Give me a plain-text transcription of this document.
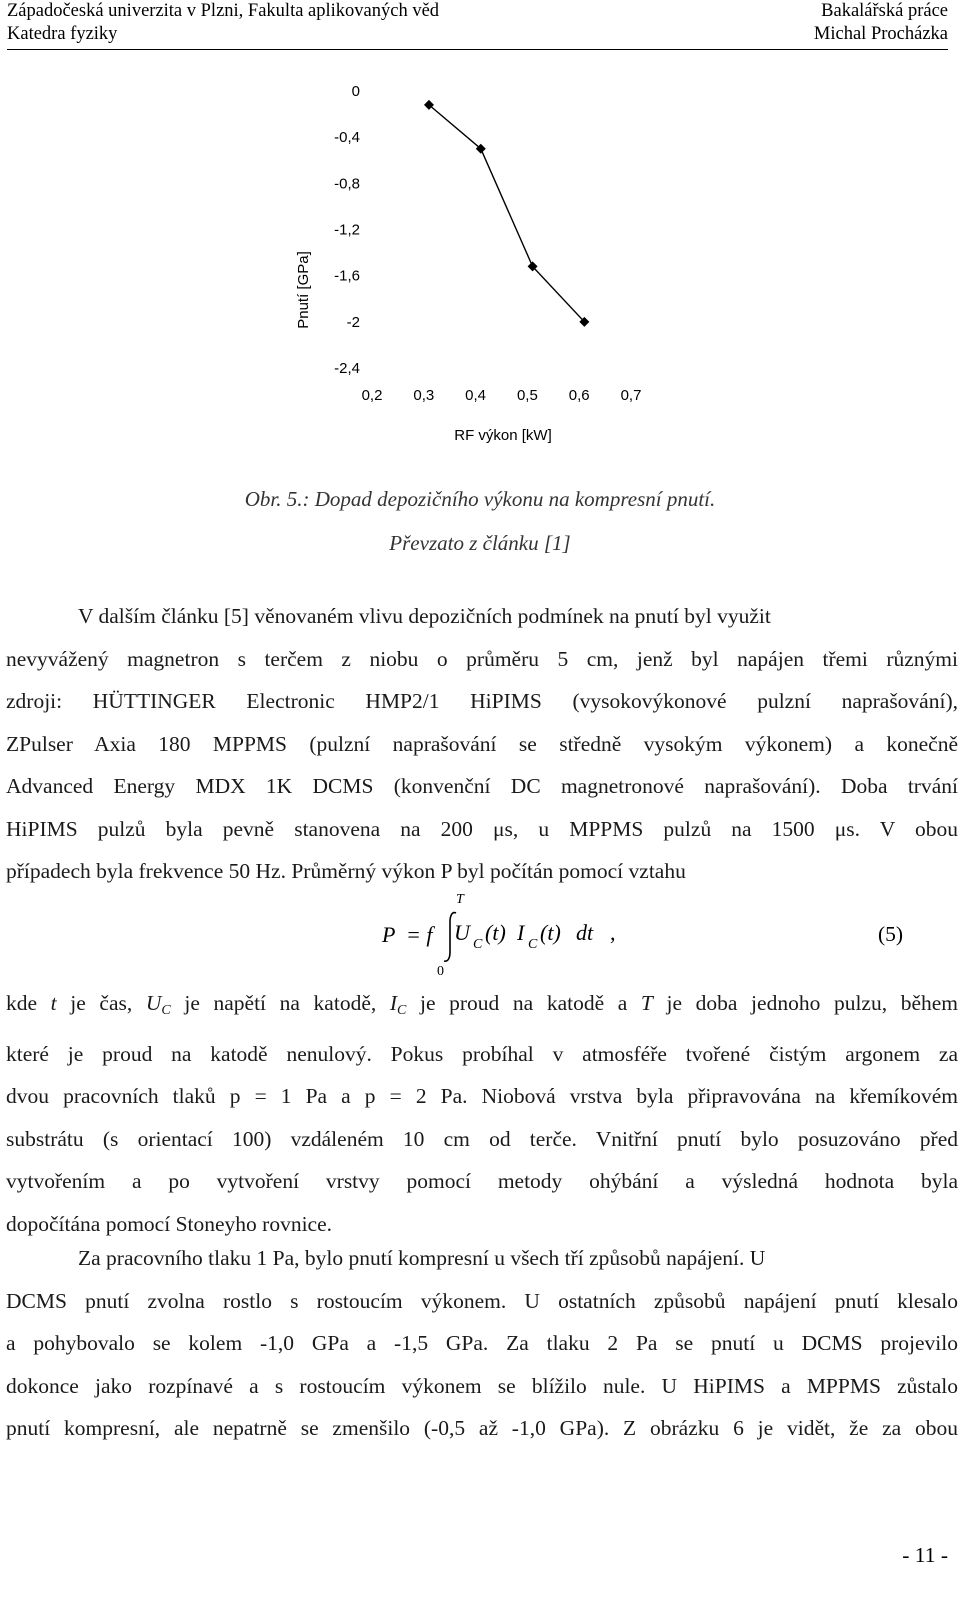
Západočeská univerzita v Plzni, Fakulta aplikovaných věd
Katedra fyziky
Bakalářská práce
Michal Procházka
0
-0,4
-0,8
-1,2
-1,6
-2
-2,4
0,2 0,3 0,4 0,5 0,6 0,7
Pnutí [GPa]
RF výkon [kW]
Obr. 5.: Dopad depozičního výkonu na kompresní pnutí.
Převzato z článku [1]
V dalším článku [5] věnovaném vlivu depozičních podmínek na pnutí byl využit
nevyvážený magnetron s terčem z niobu o průměru 5 cm, jenž byl napájen třemi různými
zdroji: HÜTTINGER Electronic HMP2/1 HiPIMS (vysokovýkonové pulzní naprašování),
ZPulser Axia 180 MPPMS (pulzní naprašování se středně vysokým výkonem) a konečně
Advanced Energy MDX 1K DCMS (konvenční DC magnetronové naprašování). Doba trvání
HiPIMS pulzů byla pevně stanovena na 200 μs, u MPPMS pulzů na 1500 μs. V obou
případech byla frekvence 50 Hz. Průměrný výkon P byl počítán pomocí vztahu
P = f
T
0
U C (t) I C (t) dt ,	(5)
kde t je čas, $U_C$ je napětí na katodě, $I_C$ je proud na katodě a T je doba jednoho pulzu, během
které je proud na katodě nenulový. Pokus probíhal v atmosféře tvořené čistým argonem za
dvou pracovních tlaků p = 1 Pa a p = 2 Pa. Niobová vrstva byla připravována na křemíkovém
substrátu (s orientací 100) vzdáleném 10 cm od terče. Vnitřní pnutí bylo posuzováno před
vytvořením a po vytvoření vrstvy pomocí metody ohýbání a výsledná hodnota byla
dopočítána pomocí Stoneyho rovnice.
Za pracovního tlaku 1 Pa, bylo pnutí kompresní u všech tří způsobů napájení. U
DCMS pnutí zvolna rostlo s rostoucím výkonem. U ostatních způsobů napájení pnutí klesalo
a pohybovalo se kolem -1,0 GPa a -1,5 GPa. Za tlaku 2 Pa se pnutí u DCMS projevilo
dokonce jako rozpínavé a s rostoucím výkonem se blížilo nule. U HiPIMS a MPPMS zůstalo
pnutí kompresní, ale nepatrně se zmenšilo (-0,5 až -1,0 GPa). Z obrázku 6 je vidět, že za obou
- 11 -
